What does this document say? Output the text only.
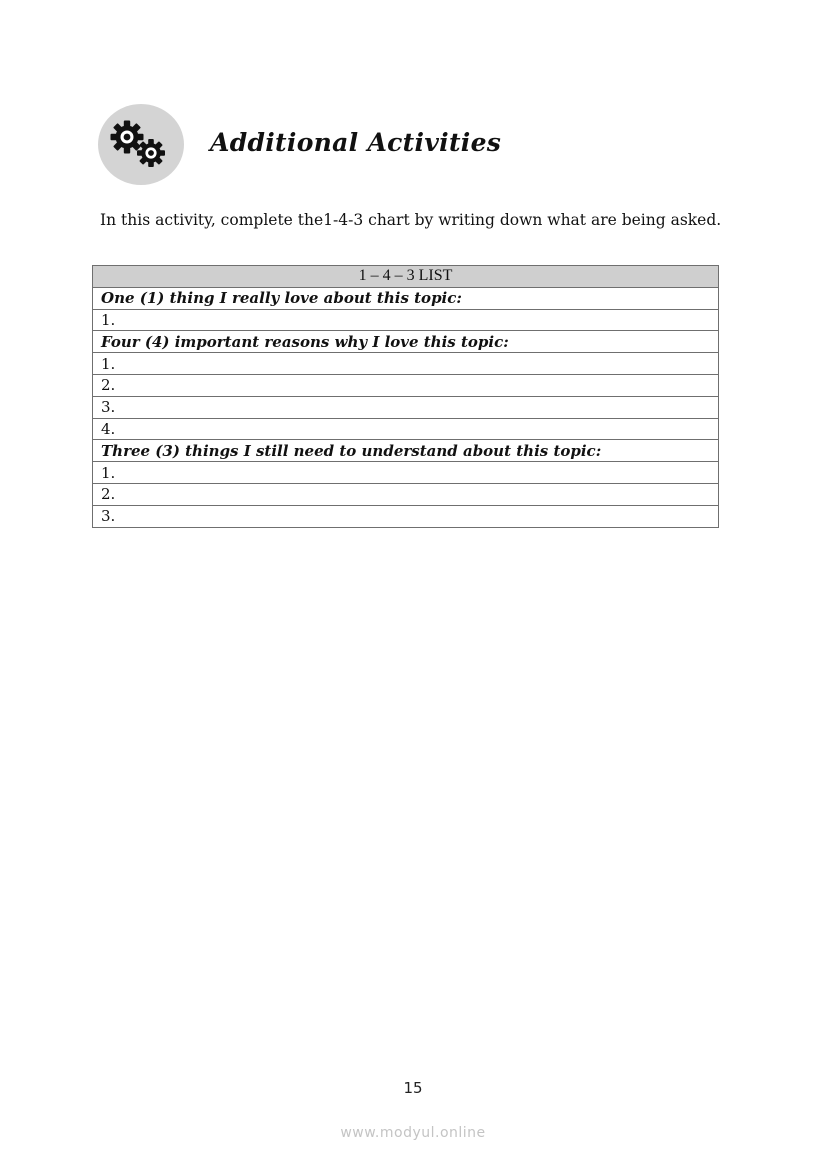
Additional Activities
In this activity, complete the1-4-3 chart by writing down what are being asked.
1 – 4 – 3 LIST
One (1) thing I really love about this topic:
1.
Four (4) important reasons why I love this topic:
1.
2.
3.
4.
Three (3) things I still need to understand about this topic:
1.
2.
3.
15
www.modyul.online
